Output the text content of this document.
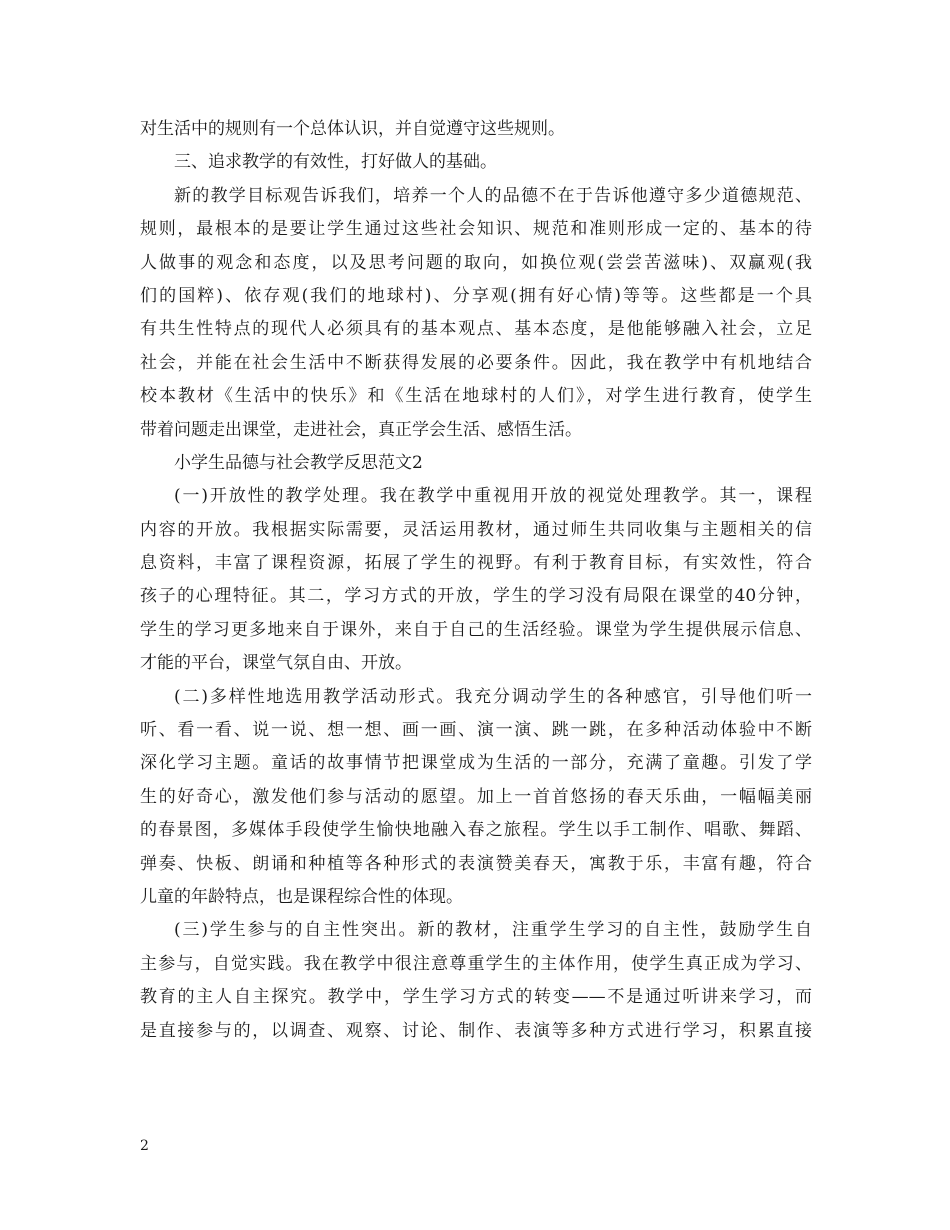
对生活中的规则有一个总体认识，并自觉遵守这些规则。
三、追求教学的有效性，打好做人的基础。
新的教学目标观告诉我们，培养一个人的品德不在于告诉他遵守多少道德规范、
规则，最根本的是要让学生通过这些社会知识、规范和准则形成一定的、基本的待
人做事的观念和态度，以及思考问题的取向，如换位观(尝尝苦滋味)、双赢观(我
们的国粹)、依存观(我们的地球村)、分享观(拥有好心情)等等。这些都是一个具
有共生性特点的现代人必须具有的基本观点、基本态度，是他能够融入社会，立足
社会，并能在社会生活中不断获得发展的必要条件。因此，我在教学中有机地结合
校本教材《生活中的快乐》和《生活在地球村的人们》，对学生进行教育，使学生
带着问题走出课堂，走进社会，真正学会生活、感悟生活。
小学生品德与社会教学反思范文2
(一)开放性的教学处理。我在教学中重视用开放的视觉处理教学。其一，课程
内容的开放。我根据实际需要，灵活运用教材，通过师生共同收集与主题相关的信
息资料，丰富了课程资源，拓展了学生的视野。有利于教育目标，有实效性，符合
孩子的心理特征。其二，学习方式的开放，学生的学习没有局限在课堂的40分钟，
学生的学习更多地来自于课外，来自于自己的生活经验。课堂为学生提供展示信息、
才能的平台，课堂气氛自由、开放。
(二)多样性地选用教学活动形式。我充分调动学生的各种感官，引导他们听一
听、看一看、说一说、想一想、画一画、演一演、跳一跳，在多种活动体验中不断
深化学习主题。童话的故事情节把课堂成为生活的一部分，充满了童趣。引发了学
生的好奇心，激发他们参与活动的愿望。加上一首首悠扬的春天乐曲，一幅幅美丽
的春景图，多媒体手段使学生愉快地融入春之旅程。学生以手工制作、唱歌、舞蹈、
弹奏、快板、朗诵和种植等各种形式的表演赞美春天，寓教于乐，丰富有趣，符合
儿童的年龄特点，也是课程综合性的体现。
(三)学生参与的自主性突出。新的教材，注重学生学习的自主性，鼓励学生自
主参与，自觉实践。我在教学中很注意尊重学生的主体作用，使学生真正成为学习、
教育的主人自主探究。教学中，学生学习方式的转变——不是通过听讲来学习，而
是直接参与的，以调查、观察、讨论、制作、表演等多种方式进行学习，积累直接
2
